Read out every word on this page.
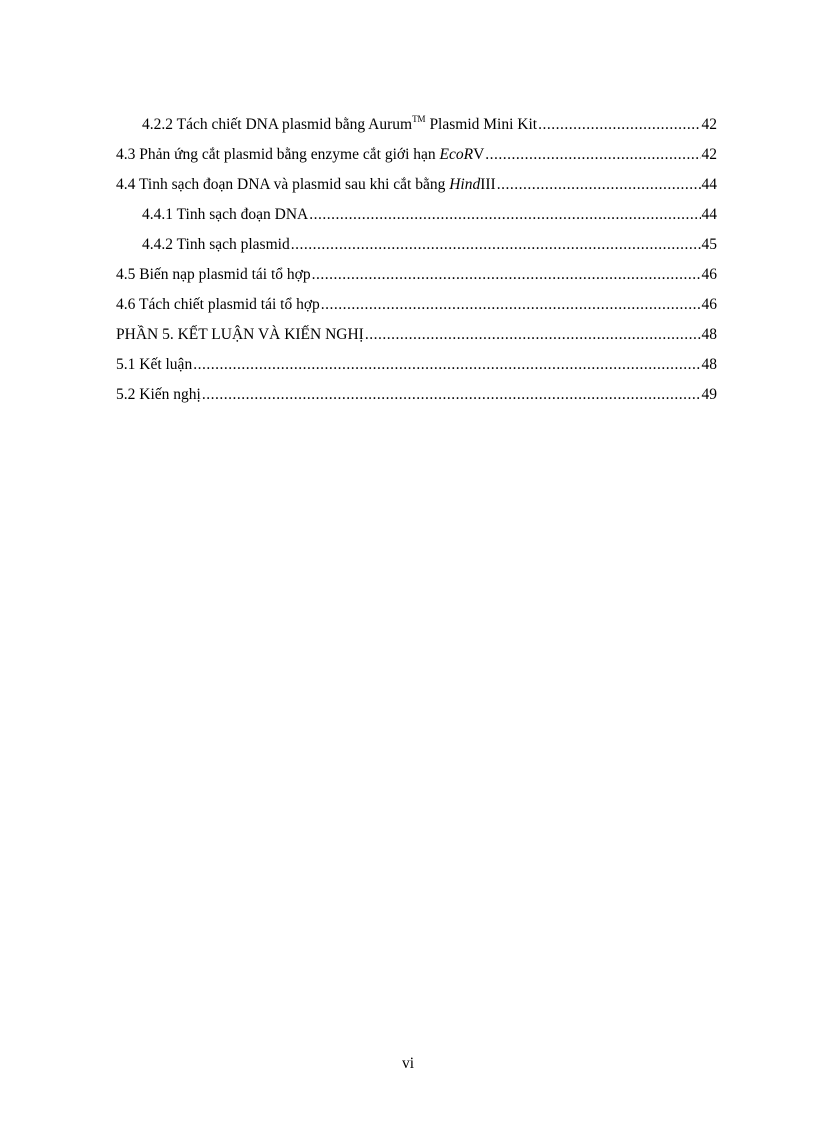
4.2.2 Tách chiết DNA plasmid bằng Aurum™ Plasmid Mini Kit .....	42
4.3 Phản ứng cắt plasmid bằng enzyme cắt giới hạn EcoRV .....	42
4.4 Tinh sạch đoạn DNA và plasmid sau khi cắt bằng HindIII .....	44
4.4.1 Tinh sạch đoạn DNA .....	44
4.4.2 Tinh sạch plasmid .....	45
4.5 Biến nạp plasmid tái tổ hợp .....	46
4.6 Tách chiết plasmid tái tổ hợp .....	46
PHẦN 5. KẾT LUẬN VÀ KIẾN NGHỊ .....	48
5.1 Kết luận .....	48
5.2 Kiến nghị .....	49
vi
